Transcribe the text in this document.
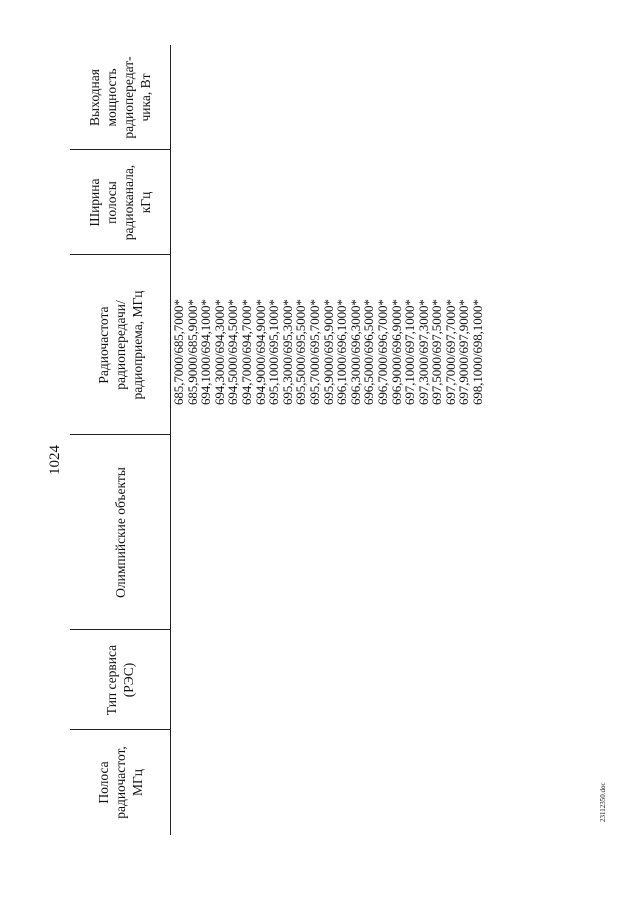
1024
Полоса
радиочастот,
МГц
Тип сервиса
(РЭС)
Олимпийские объекты
Радиочастота
радиопередачи/
радиоприема, МГц
Ширина
полосы
радиоканала,
кГц
Выходная
мощность
радиопередат-
чика, Вт
685,7000/685,7000*
685,9000/685,9000*
694,1000/694,1000*
694,3000/694,3000*
694,5000/694,5000*
694,7000/694,7000*
694,9000/694,9000*
695,1000/695,1000*
695,3000/695,3000*
695,5000/695,5000*
695,7000/695,7000*
695,9000/695,9000*
696,1000/696,1000*
696,3000/696,3000*
696,5000/696,5000*
696,7000/696,7000*
696,9000/696,9000*
697,1000/697,1000*
697,3000/697,3000*
697,5000/697,5000*
697,7000/697,7000*
697,9000/697,9000*
698,1000/698,1000*
23112350.doc
